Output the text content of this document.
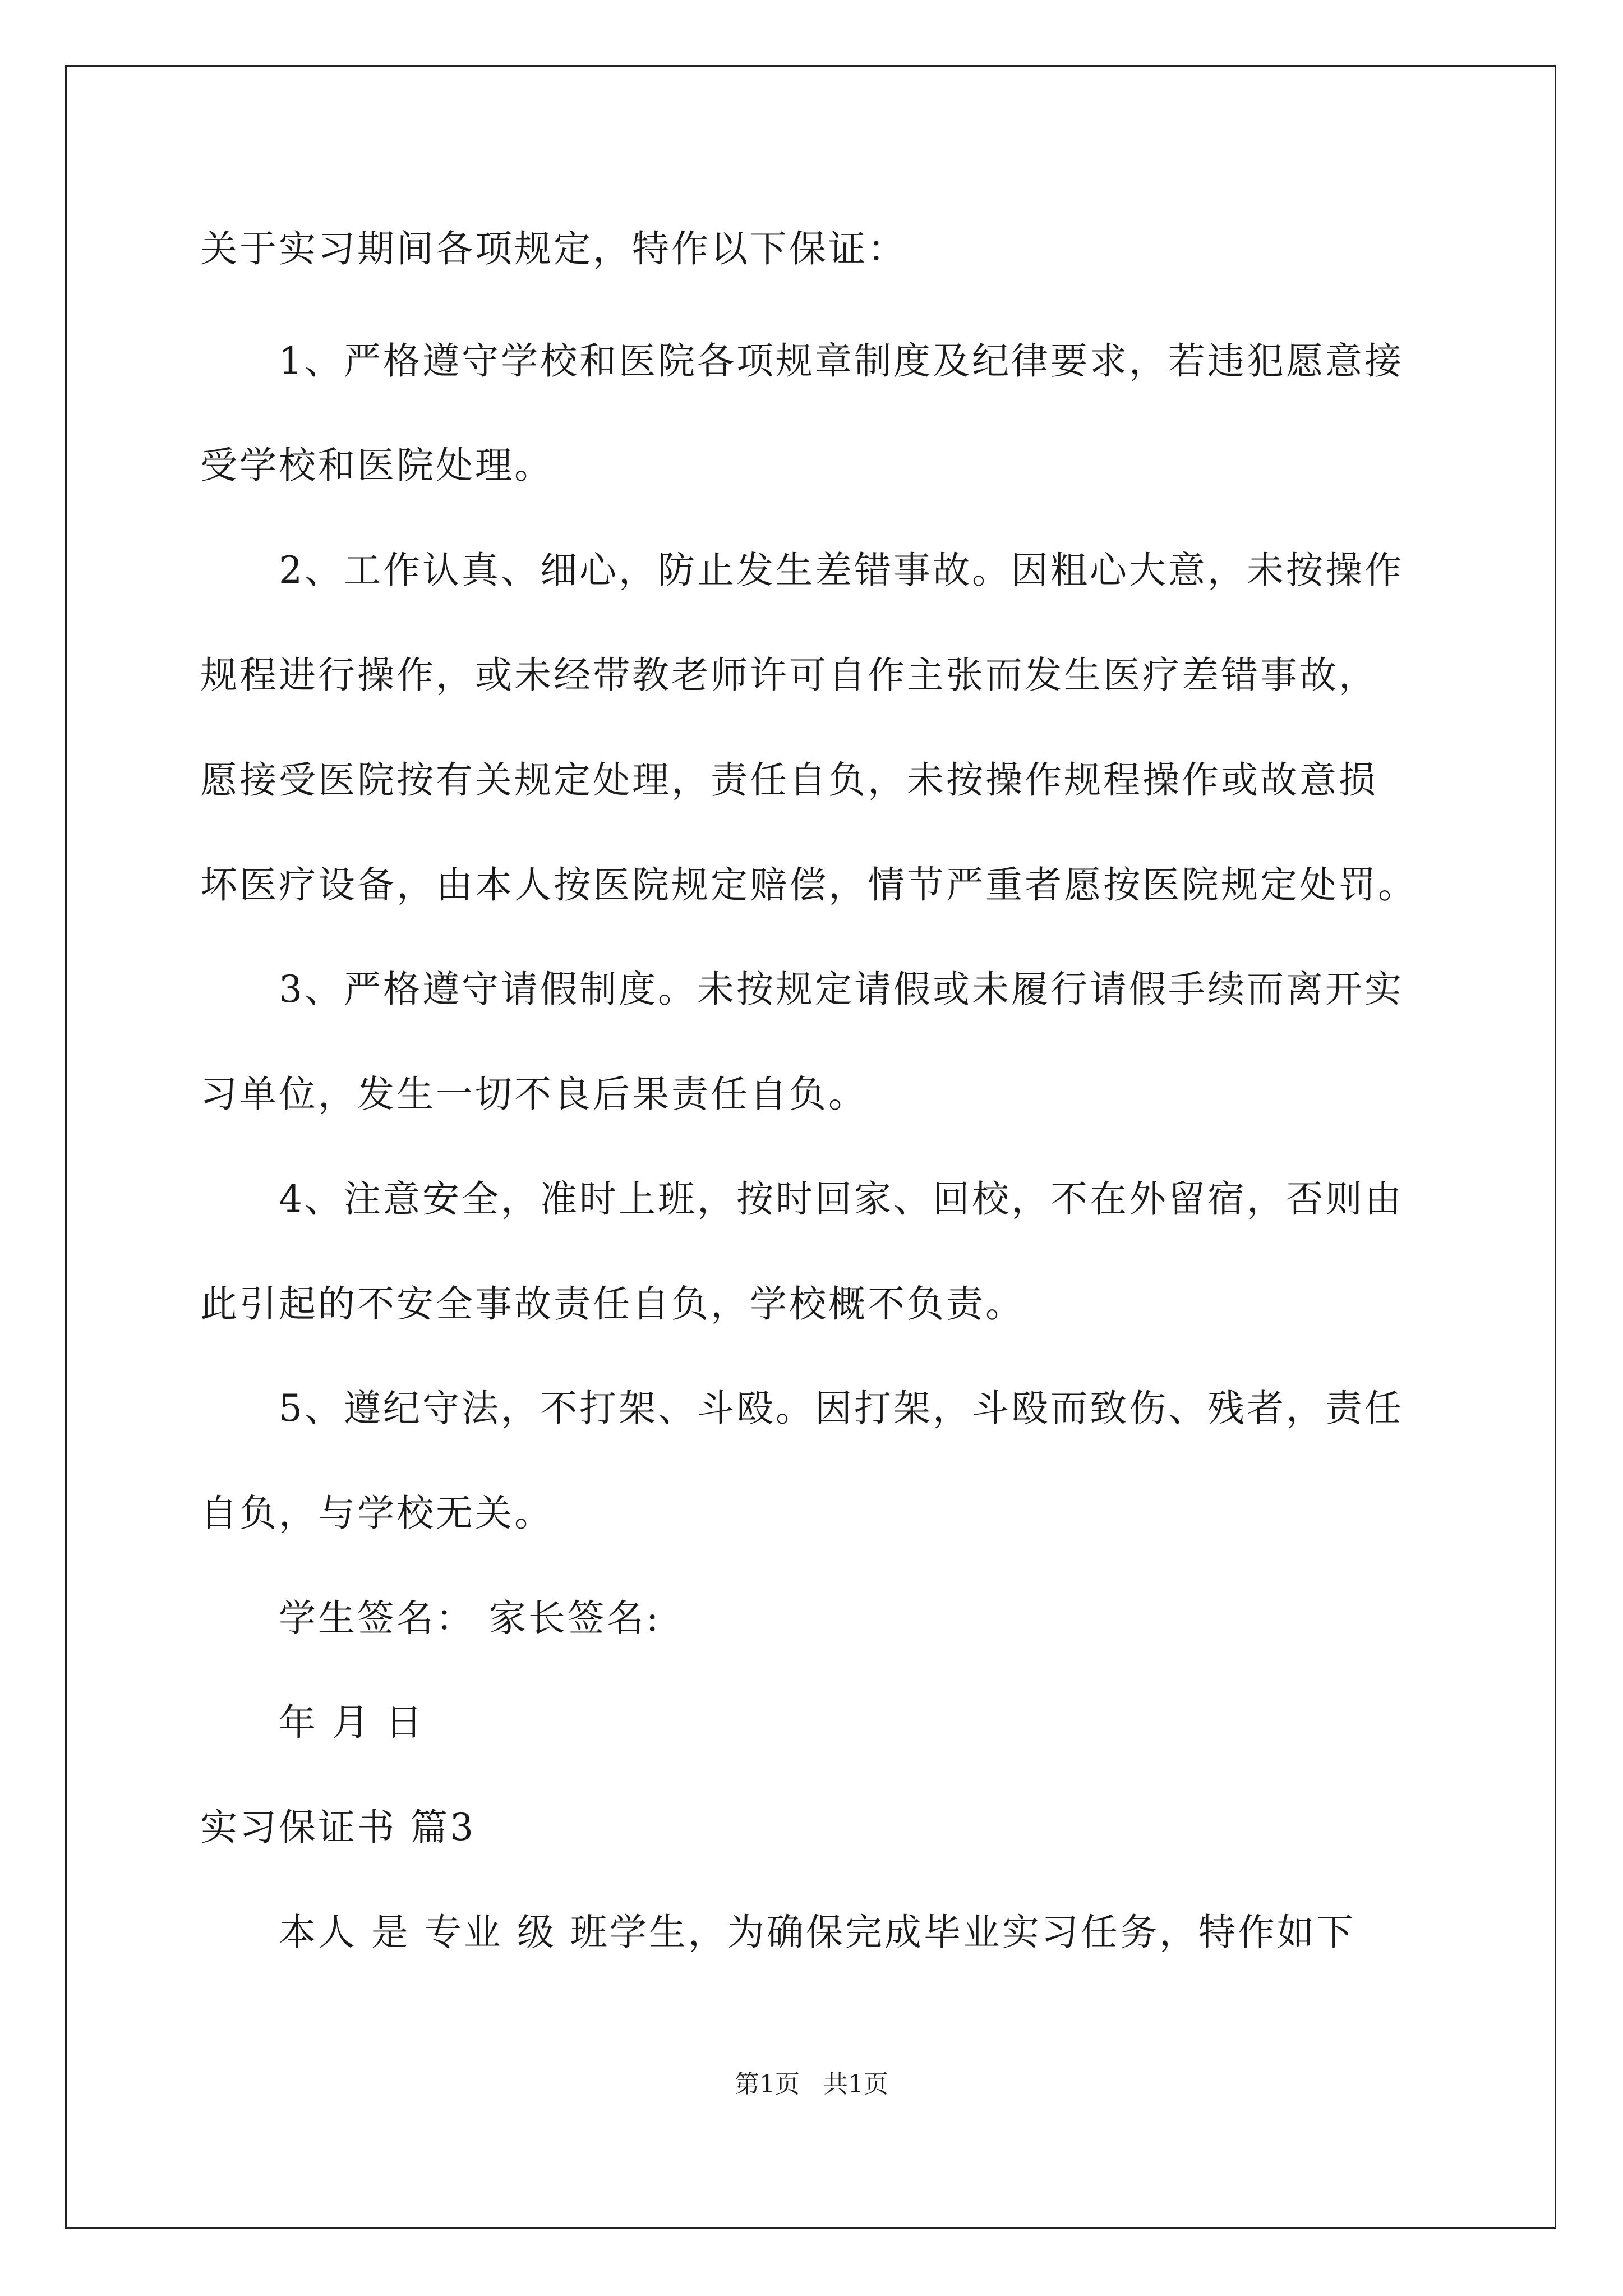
关于实习期间各项规定，特作以下保证：
1、严格遵守学校和医院各项规章制度及纪律要求，若违犯愿意接
受学校和医院处理。
2、工作认真、细心，防止发生差错事故。因粗心大意，未按操作
规程进行操作，或未经带教老师许可自作主张而发生医疗差错事故，
愿接受医院按有关规定处理，责任自负，未按操作规程操作或故意损
坏医疗设备，由本人按医院规定赔偿，情节严重者愿按医院规定处罚。
3、严格遵守请假制度。未按规定请假或未履行请假手续而离开实
习单位，发生一切不良后果责任自负。
4、注意安全，准时上班，按时回家、回校，不在外留宿，否则由
此引起的不安全事故责任自负，学校概不负责。
5、遵纪守法，不打架、斗殴。因打架，斗殴而致伤、残者，责任
自负，与学校无关。
学生签名： 家长签名:
年 月 日
实习保证书 篇3
本人 是 专业 级 班学生，为确保完成毕业实习任务，特作如下
第1页   共1页
